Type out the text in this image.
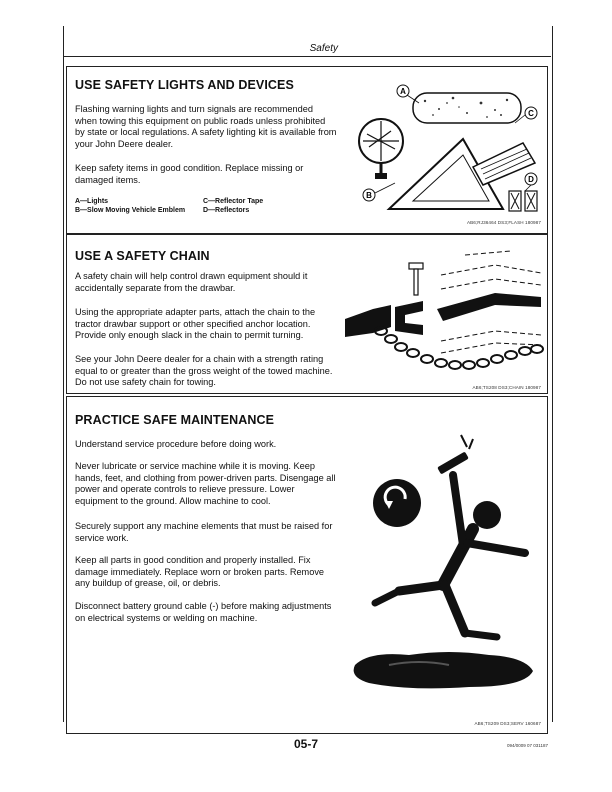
Safety
USE SAFETY LIGHTS AND DEVICES
Flashing warning lights and turn signals are recommended when towing this equipment on public roads unless prohibited by state or local regulations. A safety lighting kit is available from your John Deere dealer.
Keep safety items in good condition. Replace missing or damaged items.
A—Lights	C—Reflector Tape
B—Slow Moving Vehicle Emblem	D—Reflectors
A
B
C
D
AB6;RJ36464 DS3;FLASH 180987
USE A SAFETY CHAIN
A safety chain will help control drawn equipment should it accidentally separate from the drawbar.
Using the appropriate adapter parts, attach the chain to the tractor drawbar support or other specified anchor location. Provide only enough slack in the chain to permit turning.
See your John Deere dealer for a chain with a strength rating equal to or greater than the gross weight of the towed machine. Do not use safety chain for towing.
AB6;TS208 DS3;CHAIN 180987
PRACTICE SAFE MAINTENANCE
Understand service procedure before doing work.
Never lubricate or service machine while it is moving. Keep hands, feet, and clothing from power-driven parts. Disengage all power and operate controls to relieve pressure. Lower equipment to the ground. Allow machine to cool.
Securely support any machine elements that must be raised for service work.
Keep all parts in good condition and properly installed. Fix damage immediately. Replace worn or broken parts. Remove any buildup of grease, oil, or debris.
Disconnect battery ground cable (-) before making adjustments on electrical systems or welding on machine.
AB6;TS209 DS3;SERV 160687
05-7	094/0009 07 031187
